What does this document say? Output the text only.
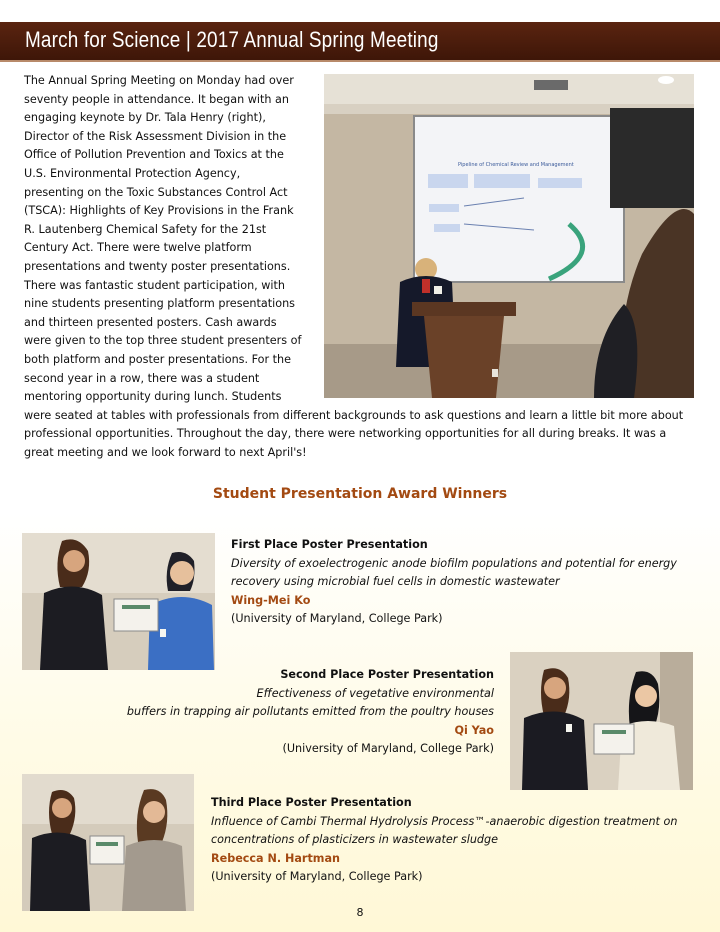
March for Science | 2017 Annual Spring Meeting
Pipeline of Chemical Review and Management
The Annual Spring Meeting on Monday had over seventy people in attendance. It began with an engaging keynote by Dr. Tala Henry (right), Director of the Risk Assessment Division in the Office of Pollution Prevention and Toxics at the U.S. Environmental Protection Agency, presenting on the Toxic Substances Control Act (TSCA): Highlights of Key Provisions in the Frank R. Lautenberg Chemical Safety for the 21st Century Act. There were twelve platform presentations and twenty poster presentations. There was fantastic student participation, with nine students presenting platform presentations and thirteen presented posters. Cash awards were given to the top three student presenters of both platform and poster presentations. For the second year in a row, there was a student mentoring opportunity during lunch. Students were seated at tables with professionals from different backgrounds to ask questions and learn a little bit more about professional opportunities. Throughout the day, there were networking opportunities for all during breaks. It was a great meeting and we look forward to next April's!
Student Presentation Award Winners
First Place Poster Presentation
Diversity of exoelectrogenic anode biofilm populations and potential for energy
recovery using microbial fuel cells in domestic wastewater
Wing-Mei Ko
(University of Maryland, College Park)
Second Place Poster Presentation
Effectiveness of vegetative environmental
buffers in trapping air pollutants emitted from the poultry houses
Qi Yao
(University of Maryland, College Park)
Third Place Poster Presentation
Influence of Cambi Thermal Hydrolysis Process™-anaerobic digestion treatment on
concentrations of plasticizers in wastewater sludge
Rebecca N. Hartman
(University of Maryland, College Park)
8
